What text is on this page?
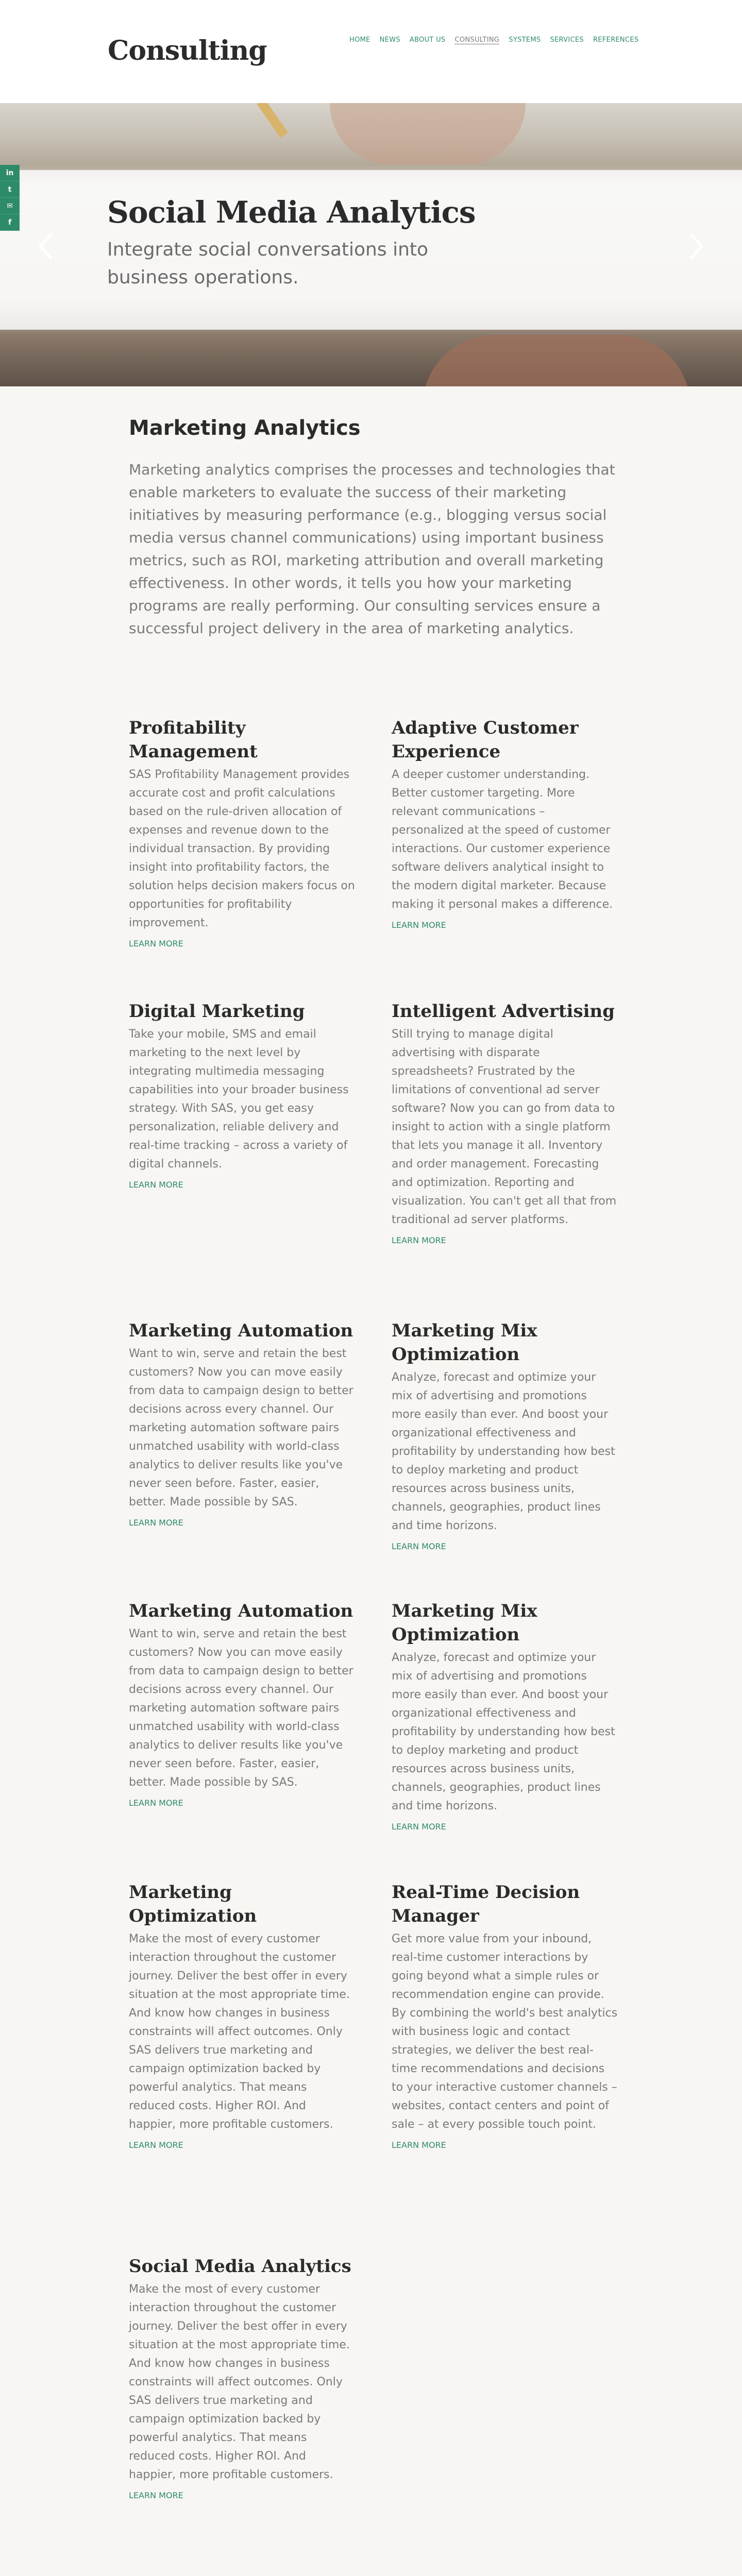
Consulting	HOME NEWS ABOUT US CONSULTING SYSTEMS SERVICES REFERENCES
Social Media Analytics
Integrate social conversations into business operations.
in
t
✉
f
Marketing Analytics

Marketing analytics comprises the processes and technologies that enable marketers to evaluate the success of their marketing initiatives by measuring performance (e.g., blogging versus social media versus channel communications) using important business metrics, such as ROI, marketing attribution and overall marketing effectiveness. In other words, it tells you how your marketing programs are really performing. Our consulting services ensure a successful project delivery in the area of marketing analytics.

Profitability Management

SAS Profitability Management provides accurate cost and profit calculations based on the rule-driven allocation of expenses and revenue down to the individual transaction. By providing insight into profitability factors, the solution helps decision makers focus on opportunities for profitability improvement.

LEARN MORE
Adaptive Customer Experience

A deeper customer understanding. Better customer targeting. More relevant communications – personalized at the speed of customer interactions. Our customer experience software delivers analytical insight to the modern digital marketer. Because making it personal makes a difference.

LEARN MORE
Digital Marketing

Take your mobile, SMS and email marketing to the next level by integrating multimedia messaging capabilities into your broader business strategy. With SAS, you get easy personalization, reliable delivery and real-time tracking – across a variety of digital channels.

LEARN MORE
Intelligent Advertising

Still trying to manage digital advertising with disparate spreadsheets? Frustrated by the limitations of conventional ad server software? Now you can go from data to insight to action with a single platform that lets you manage it all. Inventory and order management. Forecasting and optimization. Reporting and visualization. You can't get all that from traditional ad server platforms.

LEARN MORE
Marketing Automation

Want to win, serve and retain the best customers? Now you can move easily from data to campaign design to better decisions across every channel. Our marketing automation software pairs unmatched usability with world-class analytics to deliver results like you've never seen before. Faster, easier, better. Made possible by SAS.

LEARN MORE
Marketing Mix Optimization

Analyze, forecast and optimize your mix of advertising and promotions more easily than ever. And boost your organizational effectiveness and profitability by understanding how best to deploy marketing and product resources across business units, channels, geographies, product lines and time horizons.

LEARN MORE
Marketing Automation

Want to win, serve and retain the best customers? Now you can move easily from data to campaign design to better decisions across every channel. Our marketing automation software pairs unmatched usability with world-class analytics to deliver results like you've never seen before. Faster, easier, better. Made possible by SAS.

LEARN MORE
Marketing Mix Optimization

Analyze, forecast and optimize your mix of advertising and promotions more easily than ever. And boost your organizational effectiveness and profitability by understanding how best to deploy marketing and product resources across business units, channels, geographies, product lines and time horizons.

LEARN MORE
Marketing Optimization

Make the most of every customer interaction throughout the customer journey. Deliver the best offer in every situation at the most appropriate time. And know how changes in business constraints will affect outcomes. Only SAS delivers true marketing and campaign optimization backed by powerful analytics. That means reduced costs. Higher ROI. And happier, more profitable customers.

LEARN MORE
Real-Time Decision Manager

Get more value from your inbound, real-time customer interactions by going beyond what a simple rules or recommendation engine can provide. By combining the world's best analytics with business logic and contact strategies, we deliver the best real-time recommendations and decisions to your interactive customer channels – websites, contact centers and point of sale – at every possible touch point.

LEARN MORE
Social Media Analytics

Make the most of every customer interaction throughout the customer journey. Deliver the best offer in every situation at the most appropriate time. And know how changes in business constraints will affect outcomes. Only SAS delivers true marketing and campaign optimization backed by powerful analytics. That means reduced costs. Higher ROI. And happier, more profitable customers.

LEARN MORE
